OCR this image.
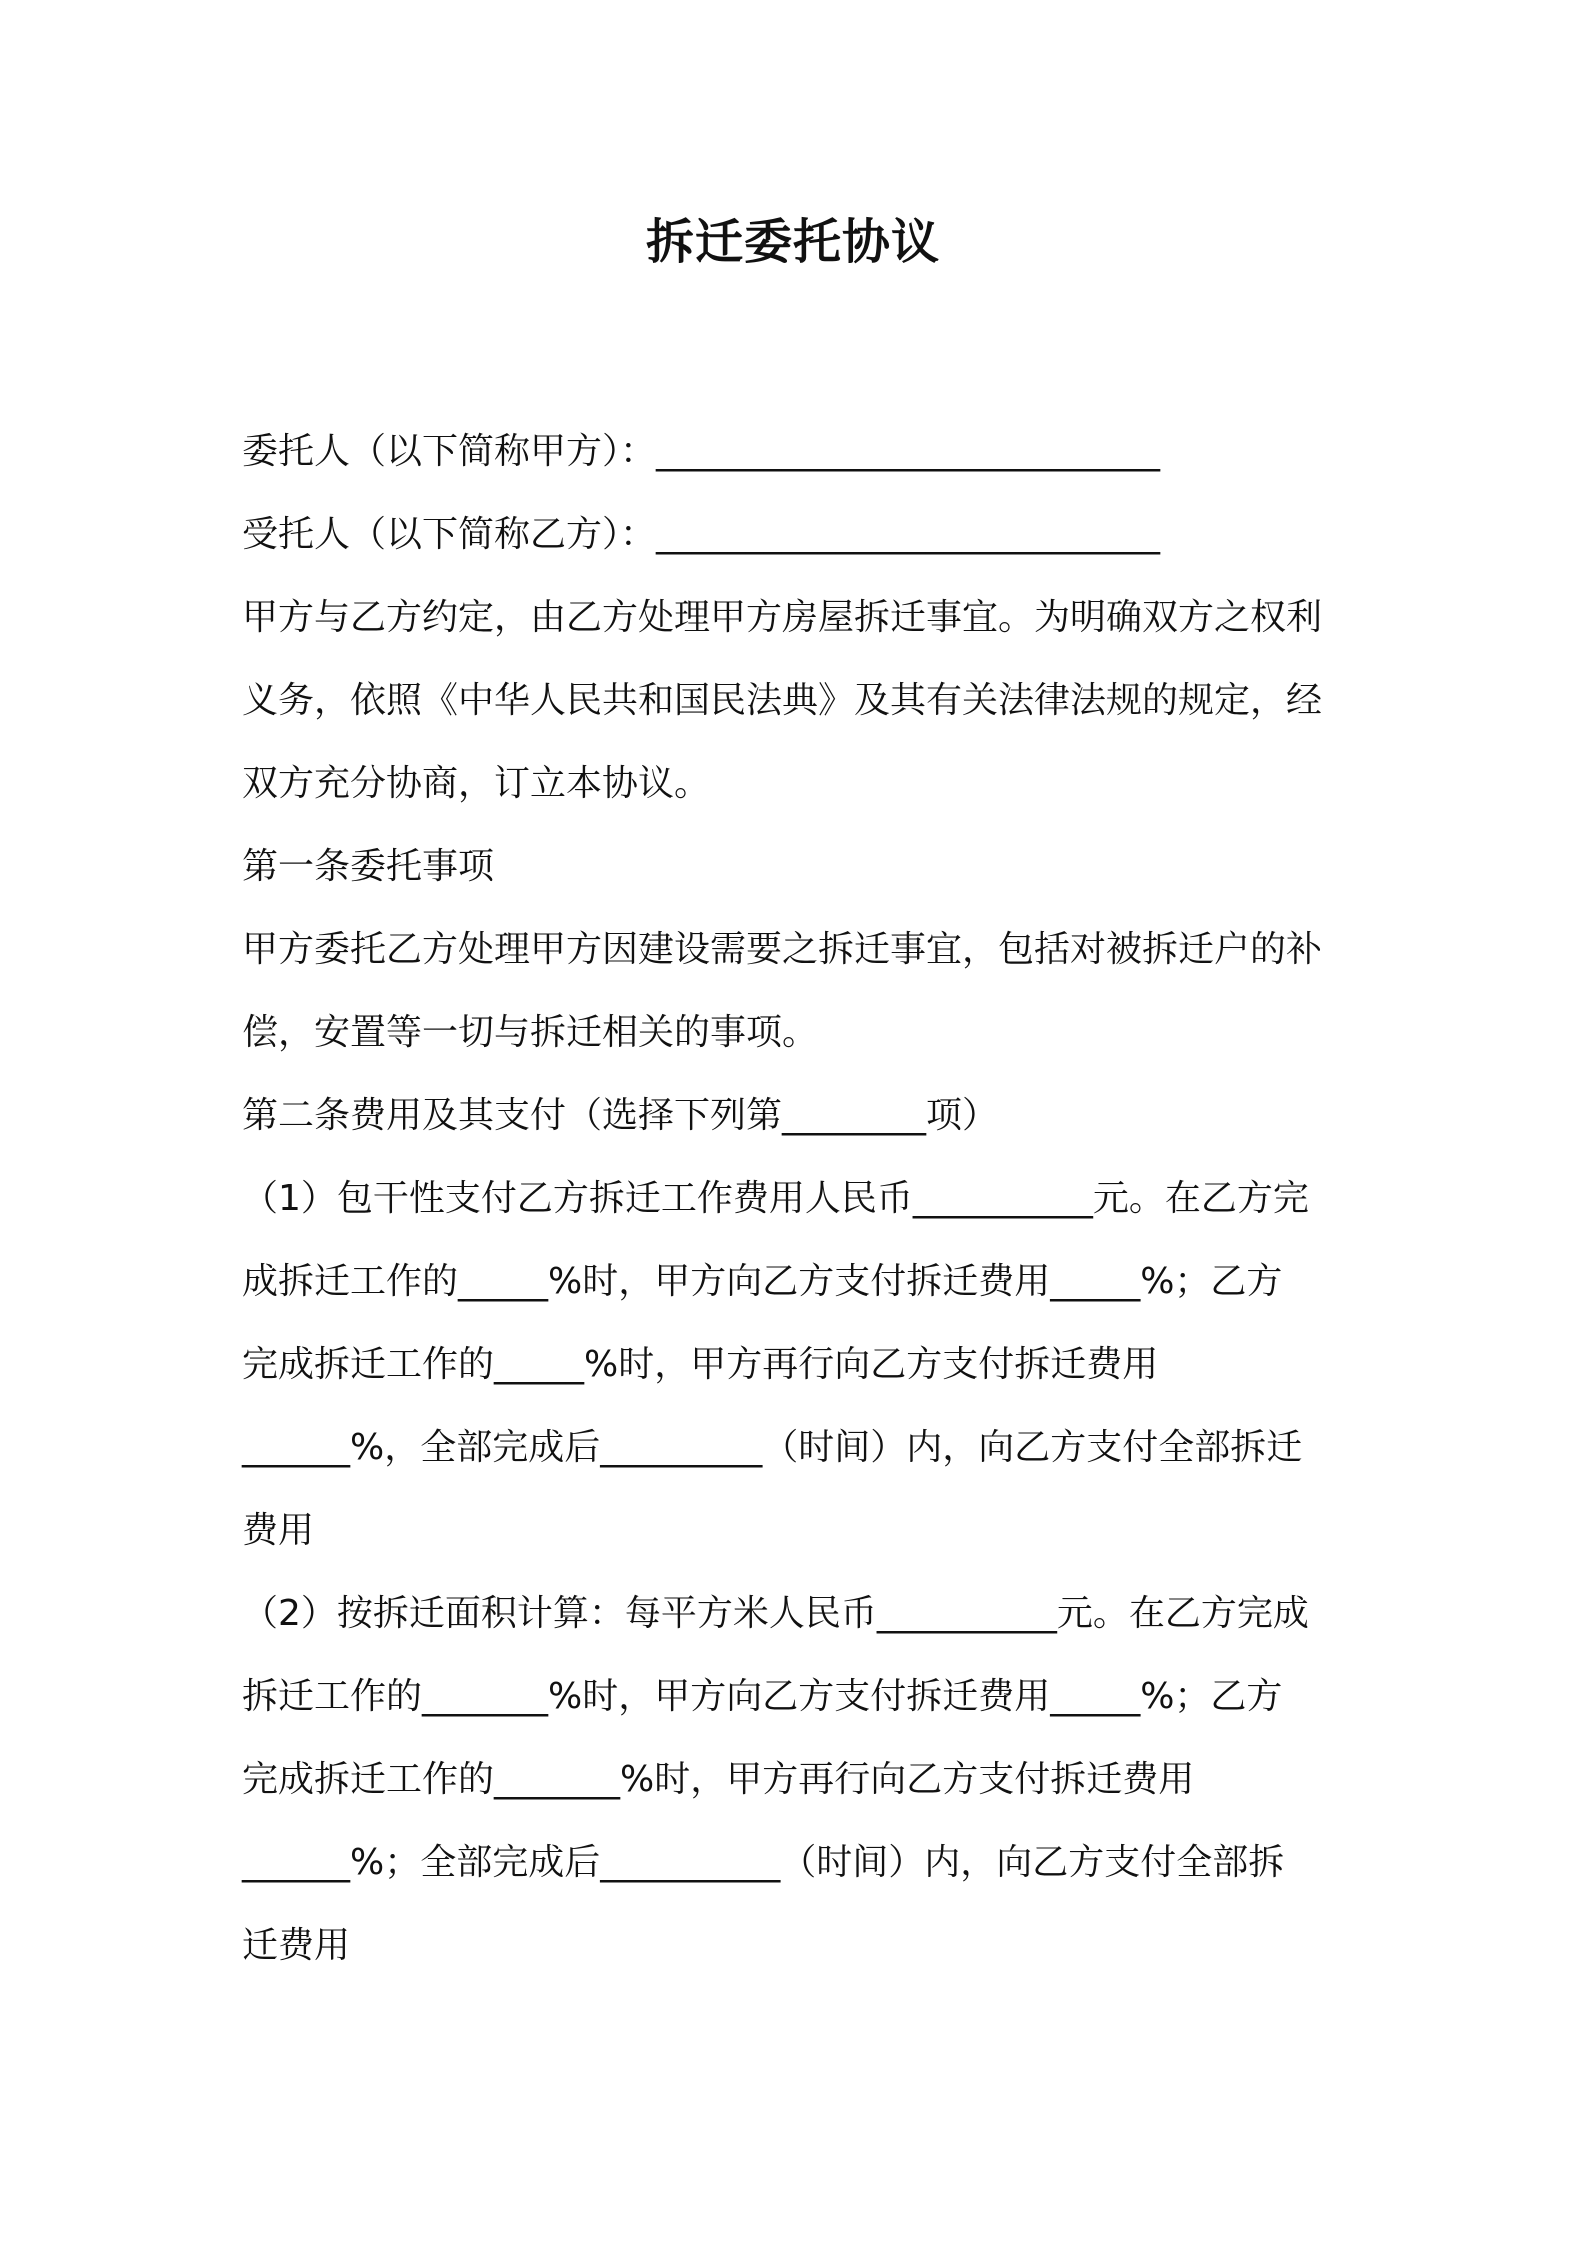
拆迁委托协议

委托人（以下简称甲方）：____________________________

受托人（以下简称乙方）：____________________________

甲方与乙方约定，由乙方处理甲方房屋拆迁事宜。为明确双方之权利

义务，依照《中华人民共和国民法典》及其有关法律法规的规定，经

双方充分协商，订立本协议。

第一条委托事项

甲方委托乙方处理甲方因建设需要之拆迁事宜，包括对被拆迁户的补

偿，安置等一切与拆迁相关的事项。

第二条费用及其支付（选择下列第________项）

（1）包干性支付乙方拆迁工作费用人民币__________元。在乙方完

成拆迁工作的_____%时，甲方向乙方支付拆迁费用_____%；乙方

完成拆迁工作的_____%时，甲方再行向乙方支付拆迁费用

______%，全部完成后_________（时间）内，向乙方支付全部拆迁

费用

（2）按拆迁面积计算：每平方米人民币__________元。在乙方完成

拆迁工作的_______%时，甲方向乙方支付拆迁费用_____%；乙方

完成拆迁工作的_______%时，甲方再行向乙方支付拆迁费用

______%；全部完成后__________（时间）内，向乙方支付全部拆

迁费用
